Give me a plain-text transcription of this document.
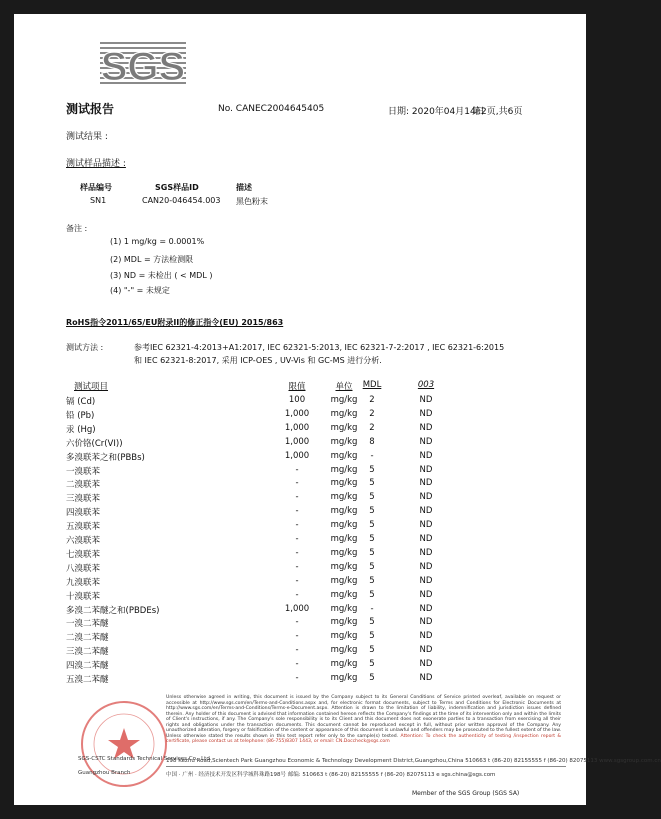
SGS
测试报告	No. CANEC2004645405	日期: 2020年04月14日
第2页,共6页
测试结果 :
测试样品描述 :
样品编号	SGS样品ID	描述
SN1	CAN20-046454.003 黑色粉末
备注 :
(1) 1 mg/kg = 0.0001%
(2) MDL = 方法检测限
(3) ND = 未检出 ( < MDL )
(4) "-" = 未规定
RoHS指令2011/65/EU附录II的修正指令(EU) 2015/863
测试方法 :	参考IEC 62321-4:2013+A1:2017, IEC 62321-5:2013, IEC 62321-7-2:2017 , IEC 62321-6:2015
和 IEC 62321-8:2017, 采用 ICP-OES , UV-Vis 和 GC-MS 进行分析.
测试项目	限值	单位	MDL	003
镉 (Cd)	100	mg/kg	2	ND
铅 (Pb)	1,000	mg/kg	2	ND
汞 (Hg)	1,000	mg/kg	2	ND
六价铬(Cr(VI))	1,000	mg/kg	8	ND
多溴联苯之和(PBBs)	1,000	mg/kg	-	ND
一溴联苯	-	mg/kg	5	ND
二溴联苯	-	mg/kg	5	ND
三溴联苯	-	mg/kg	5	ND
四溴联苯	-	mg/kg	5	ND
五溴联苯	-	mg/kg	5	ND
六溴联苯	-	mg/kg	5	ND
七溴联苯	-	mg/kg	5	ND
八溴联苯	-	mg/kg	5	ND
九溴联苯	-	mg/kg	5	ND
十溴联苯	-	mg/kg	5	ND
多溴二苯醚之和(PBDEs)	1,000	mg/kg	-	ND
一溴二苯醚	-	mg/kg	5	ND
二溴二苯醚	-	mg/kg	5	ND
三溴二苯醚	-	mg/kg	5	ND
四溴二苯醚	-	mg/kg	5	ND
五溴二苯醚	-	mg/kg	5	ND
Unless otherwise agreed in writing, this document is issued by the Company subject to its General Conditions of Service printed overleaf, available on request or accessible at http://www.sgs.com/en/Terms-and-Conditions.aspx and, for electronic format documents, subject to Terms and Conditions for Electronic Documents at http://www.sgs.com/en/Terms-and-Conditions/Terms-e-Document.aspx. Attention is drawn to the limitation of liability, indemnification and jurisdiction issues defined therein. Any holder of this document is advised that information contained hereon reflects the Company's findings at the time of its intervention only and within the limits of Client's instructions, if any. The Company's sole responsibility is to its Client and this document does not exonerate parties to a transaction from exercising all their rights and obligations under the transaction documents. This document cannot be reproduced except in full, without prior written approval of the Company. Any unauthorized alteration, forgery or falsification of the content or appearance of this document is unlawful and offenders may be prosecuted to the fullest extent of the law. Unless otherwise stated the results shown in this test report refer only to the sample(s) tested. Attention: To check the authenticity of testing /inspection report & certificate, please contact us at telephone: (86-755)8307 1443, or email: CN.Doccheck@sgs.com
SGS-CSTC Standards Technical Services Co., Ltd.
198 Kezhu Road,Scientech Park Guangzhou Economic & Technology Development District,Guangzhou,China 510663 t (86-20) 82155555 f (86-20) 82075113 www.sgsgroup.com.cn
中国 · 广州 · 经济技术开发区科学城科珠路198号 邮编: 510663 t (86-20) 82155555 f (86-20) 82075113 e sgs.china@sgs.com
Guangzhou Branch
Member of the SGS Group (SGS SA)
